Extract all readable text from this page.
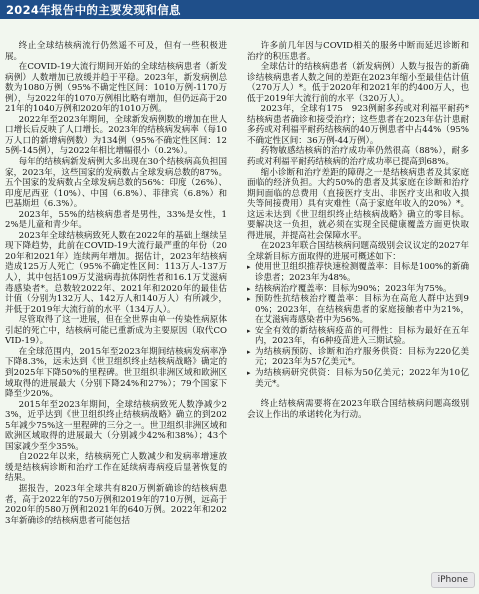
2024年报告中的主要发现和信息

终止全球结核病流行仍然遥不可及，但有一些积极进展。

在COVID-19大流行期间开始的全球结核病患者（新发病例）人数增加已放缓并趋于平稳。2023年，新发病例总数为1080万例（95%不确定性区间：1010万例-1170万例），与2022年的1070万例相比略有增加，但仍远高于2021年的1040万例和2020年的1010万例。

2022年至2023年期间，全球新发病例数的增加在世人口增长后反映了人口增长。2023年的结核病发病率（每10万人口的新增病例数）为134例（95%不确定性区间：125例-145例），与2022年相比增幅很小（0.2%）。

每年的结核病新发病例大多出现在30个结核病高负担国家，2023年，这些国家的发病数占全球发病总数的87%。五个国家的发病数占全球发病总数的56%：印度（26%）、印度尼西亚（10%）、中国（6.8%）、菲律宾（6.8%）和巴基斯坦（6.3%）。

2023年，55%的结核病患者是男性，33%是女性，12%是儿童和青少年。

2023年全球结核病致死人数在2022年的基础上继续呈现下降趋势，此前在COVID-19大流行最严重的年份（2020年和2021年）连续两年增加。据估计，2023年结核病造成125万人死亡（95%不确定性区间：113万人-137万人），其中包括109万艾滋病毒抗体阴性者和16.1万艾滋病毒感染者*。总数较2022年、2021年和2020年的最佳估计值（分别为132万人、142万人和140万人）有所减少，并低于2019年大流行前的水平（134万人）。

尽管取得了这一进展，但在全世界由单一传染性病原体引起的死亡中，结核病可能已重新成为主要原因（取代COVID-19）。

在全球范围内，2015年至2023年期间结核病发病率净下降8.3%，远未达到《世卫组织终止结核病战略》确定的到2025年下降50%的里程碑。世卫组织非洲区域和欧洲区域取得的进展最大（分别下降24%和27%）；79个国家下降至少20%。

2015年至2023年期间，全球结核病致死人数净减少23%，近乎达到《世卫组织终止结核病战略》确立的到2025年减少75%这一里程碑的三分之一。世卫组织非洲区域和欧洲区域取得的进展最大（分别减少42%和38%）；43个国家减少至少35%。

自2022年以来，结核病死亡人数减少和发病率增速放缓是结核病诊断和治疗工作在延续病毒病疫后显著恢复的结果。

据报告，2023年全球共有820万例新确诊的结核病患者，高于2022年的750万例和2019年的710万例，远高于2020年的580万例和2021年的640万例。2022年和2023年新确诊的结核病患者可能包括

许多前几年因与COVID相关的服务中断而延迟诊断和治疗的积压患者。

全球估计的结核病患者（新发病例）人数与报告的新确诊结核病患者人数之间的差距在2023年缩小至最佳估计值（270万人）*。低于2020年和2021年的约400万人，也低于2019年大流行前的水平（320万人）。

2023年，全球有175　923例耐多药或对利福平耐药*结核病患者确诊和接受治疗；这些患者在2023年估计患耐多药或对利福平耐药结核病的40万例患者中占44%（95%不确定性区间：36万例-44万例）。

药物敏感结核病的治疗成功率仍然很高（88%），耐多药或对利福平耐药结核病的治疗成功率已提高到68%。

缩小诊断和治疗差距的障碍之一是结核病患者及其家庭面临的经济负担。大约50%的患者及其家庭在诊断和治疗期间面临的总费用（直接医疗支出、非医疗支出和收入损失等间接费用）具有灾难性（高于家庭年收入的20%）*。这远未达到《世卫组织终止结核病战略》确立的零目标。要解决这一负担，就必须在实现全民健康覆盖方面更快取得进展，并提高社会保障水平。

在2023年联合国结核病问题高级别会议议定的2027年全球新目标方面取得的进展可概述如下：

▸ 使用世卫组织推荐快速检测覆盖率：目标是100%的新确诊患者；2023年为48%。
▸ 结核病治疗覆盖率：目标为90%；2023年为75%。
▸ 预防性抗结核治疗覆盖率：目标为在高危人群中达到90%；2023年，在结核病患者的家庭接触者中为21%，在艾滋病毒感染者中为56%。
▸ 安全有效的新结核病疫苗的可得性：目标为最好在五年内，2023年，有6种疫苗进入三期试验。
▸ 为结核病预防、诊断和治疗服务供资：目标为220亿美元；2023年为57亿美元*。
▸ 为结核病研究供资：目标为50亿美元；2022年为10亿美元*。

终止结核病需要将在2023年联合国结核病问题高级别会议上作出的承诺转化为行动。

iPhone
